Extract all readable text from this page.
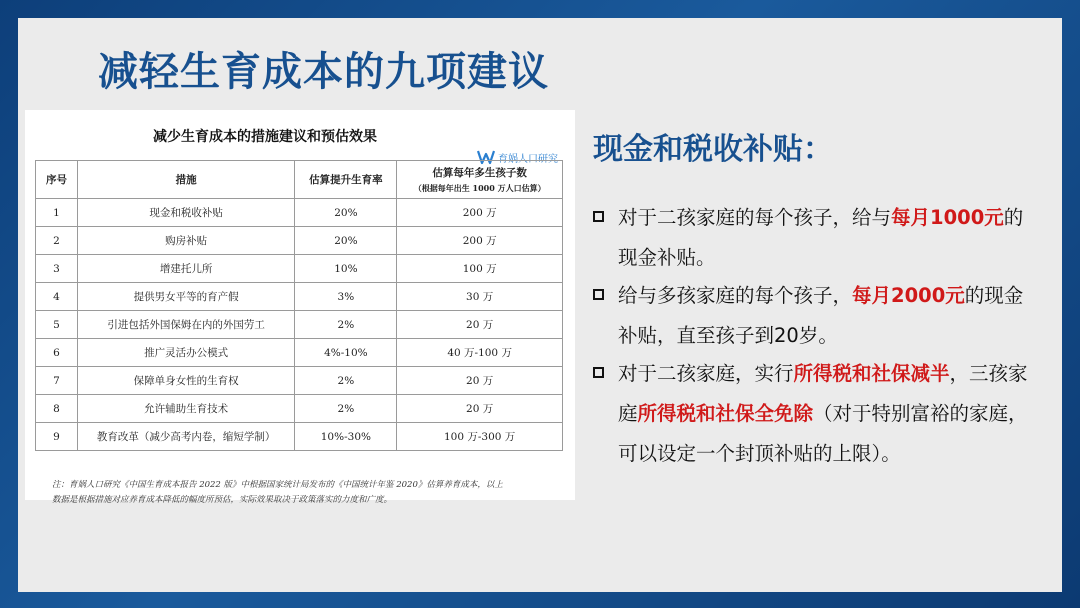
减轻生育成本的九项建议
减少生育成本的措施建议和预估效果
育娲人口研究
序号	措施	估算提升生育率	估算每年多生孩子数
（根据每年出生 1000 万人口估算）

1	现金和税收补贴	20%	200 万
2	购房补贴	20%	200 万
3	增建托儿所	10%	100 万
4	提供男女平等的育产假	3%	30 万
5	引进包括外国保姆在内的外国劳工	2%	20 万
6	推广灵活办公模式	4%-10%	40 万-100 万
7	保障单身女性的生育权	2%	20 万
8	允许辅助生育技术	2%	20 万
9	教育改革（减少高考内卷，缩短学制）	10%-30%	100 万-300 万
注：育娲人口研究《中国生育成本报告 2022 版》中根据国家统计局发布的《中国统计年鉴 2020》估算养育成本，以上
数据是根据措施对应养育成本降低的幅度所预估，实际效果取决于政策落实的力度和广度。
现金和税收补贴：
对于二孩家庭的每个孩子，给与每月1000元的现金补贴。
给与多孩家庭的每个孩子，每月2000元的现金补贴，直至孩子到20岁。
对于二孩家庭，实行所得税和社保减半，三孩家庭所得税和社保全免除（对于特别富裕的家庭，可以设定一个封顶补贴的上限）。
